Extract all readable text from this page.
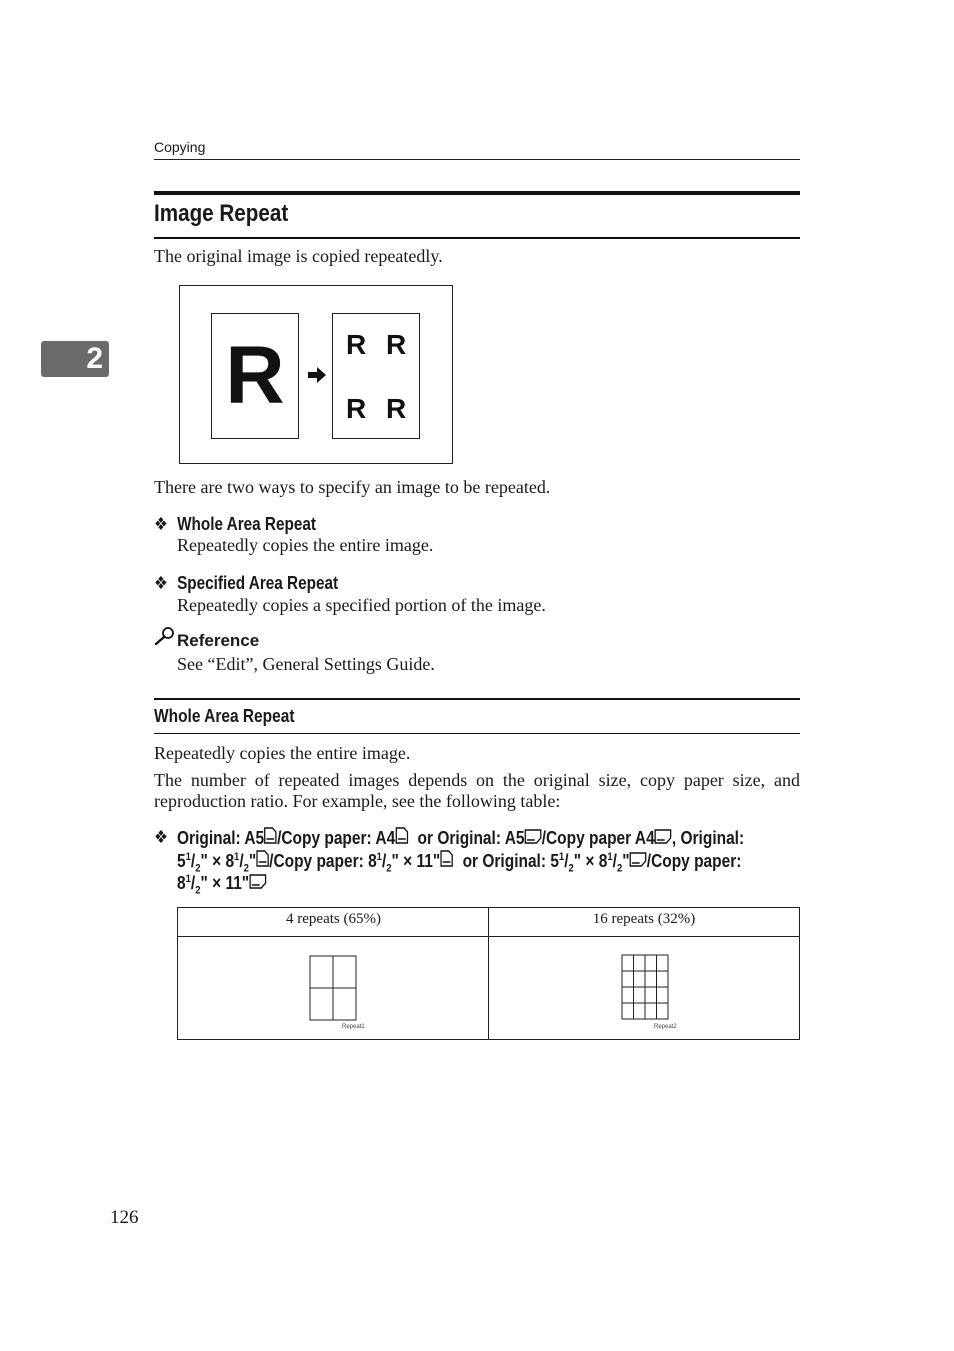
Copying
2
Image Repeat
The original image is copied repeatedly.
R	R R
R R
There are two ways to specify an image to be repeated.
❖ Whole Area Repeat
Repeatedly copies the entire image.
❖ Specified Area Repeat
Repeatedly copies a specified portion of the image.
Reference
See “Edit”, General Settings Guide.
Whole Area Repeat
Repeatedly copies the entire image.
The number of repeated images depends on the original size, copy paper size, and reproduction ratio. For example, see the following table:
❖ Original: A5 /Copy paper: A4 or Original: A5 /Copy paper A4 , Original:
$5^1/_2$" × $8^1/_2$" /Copy paper: $8^1/_2$" × 11" or Original: $5^1/_2$" × $8^1/_2$" /Copy paper:
$8^1/_2$" × 11"
4 repeats (65%)	16 repeats (32%)
Repeat1	Repeat2
126
